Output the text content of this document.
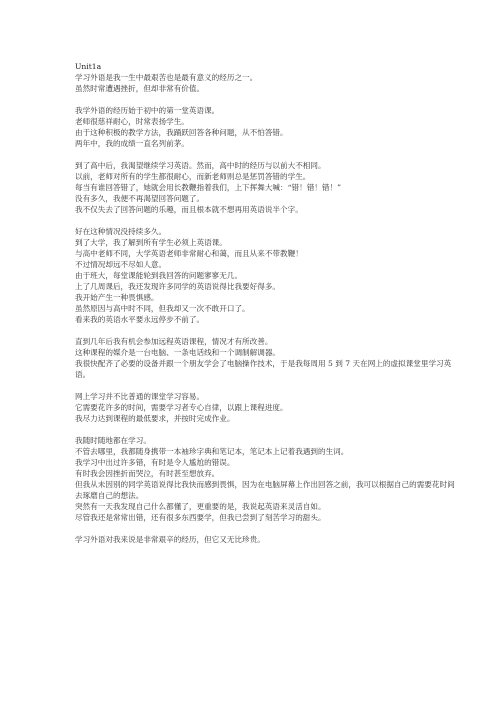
Unit1a

学习外语是我一生中最艰苦也是最有意义的经历之一。

虽然时常遭遇挫折，但却非常有价值。

我学外语的经历始于初中的第一堂英语课。

老师很慈祥耐心，时常表扬学生。

由于这种积极的教学方法，我踊跃回答各种问题，从不怕答错。

两年中，我的成绩一直名列前茅。

到了高中后，我渴望继续学习英语。然而，高中时的经历与以前大不相同。

以前，老师对所有的学生都很耐心，而新老师则总是惩罚答错的学生。

每当有谁回答错了，她就会用长教鞭指着我们，上下挥舞大喊：“错！错！错！”

没有多久，我便不再渴望回答问题了。

我不仅失去了回答问题的乐趣，而且根本就不想再用英语说半个字。

好在这种情况没持续多久。

到了大学，我了解到所有学生必须上英语课。

与高中老师不同，大学英语老师非常耐心和蔼，而且从来不带教鞭！

不过情况却远不尽如人意。

由于班大，每堂课能轮到我回答的问题寥寥无几。

上了几周课后，我还发现许多同学的英语说得比我要好得多。

我开始产生一种畏惧感。

虽然原因与高中时不同，但我却又一次不敢开口了。

看来我的英语水平要永远停步不前了。

直到几年后我有机会参加远程英语课程，情况才有所改善。

这种课程的媒介是一台电脑、一条电话线和一个调制解调器。

我很快配齐了必要的设备并跟一个朋友学会了电脑操作技术，于是我每周用 5 到 7 天在网上的虚拟课堂里学习英语。

网上学习并不比普通的课堂学习容易。

它需要花许多的时间，需要学习者专心自律，以跟上课程进度。

我尽力达到课程的最低要求，并按时完成作业。

我随时随地都在学习。

不管去哪里，我都随身携带一本袖珍字典和笔记本，笔记本上记着我遇到的生词。

我学习中出过许多错，有时是令人尴尬的错误。

有时我会因挫折而哭泣，有时甚至想放弃。

但我从未因别的同学英语说得比我快而感到畏惧，因为在电脑屏幕上作出回答之前，我可以根据自己的需要花时间去琢磨自己的想法。

突然有一天我发现自己什么都懂了，更重要的是，我说起英语来灵活自如。

尽管我还是常常出错，还有很多东西要学，但我已尝到了刻苦学习的甜头。

学习外语对我来说是非常艰辛的经历，但它又无比珍贵。
